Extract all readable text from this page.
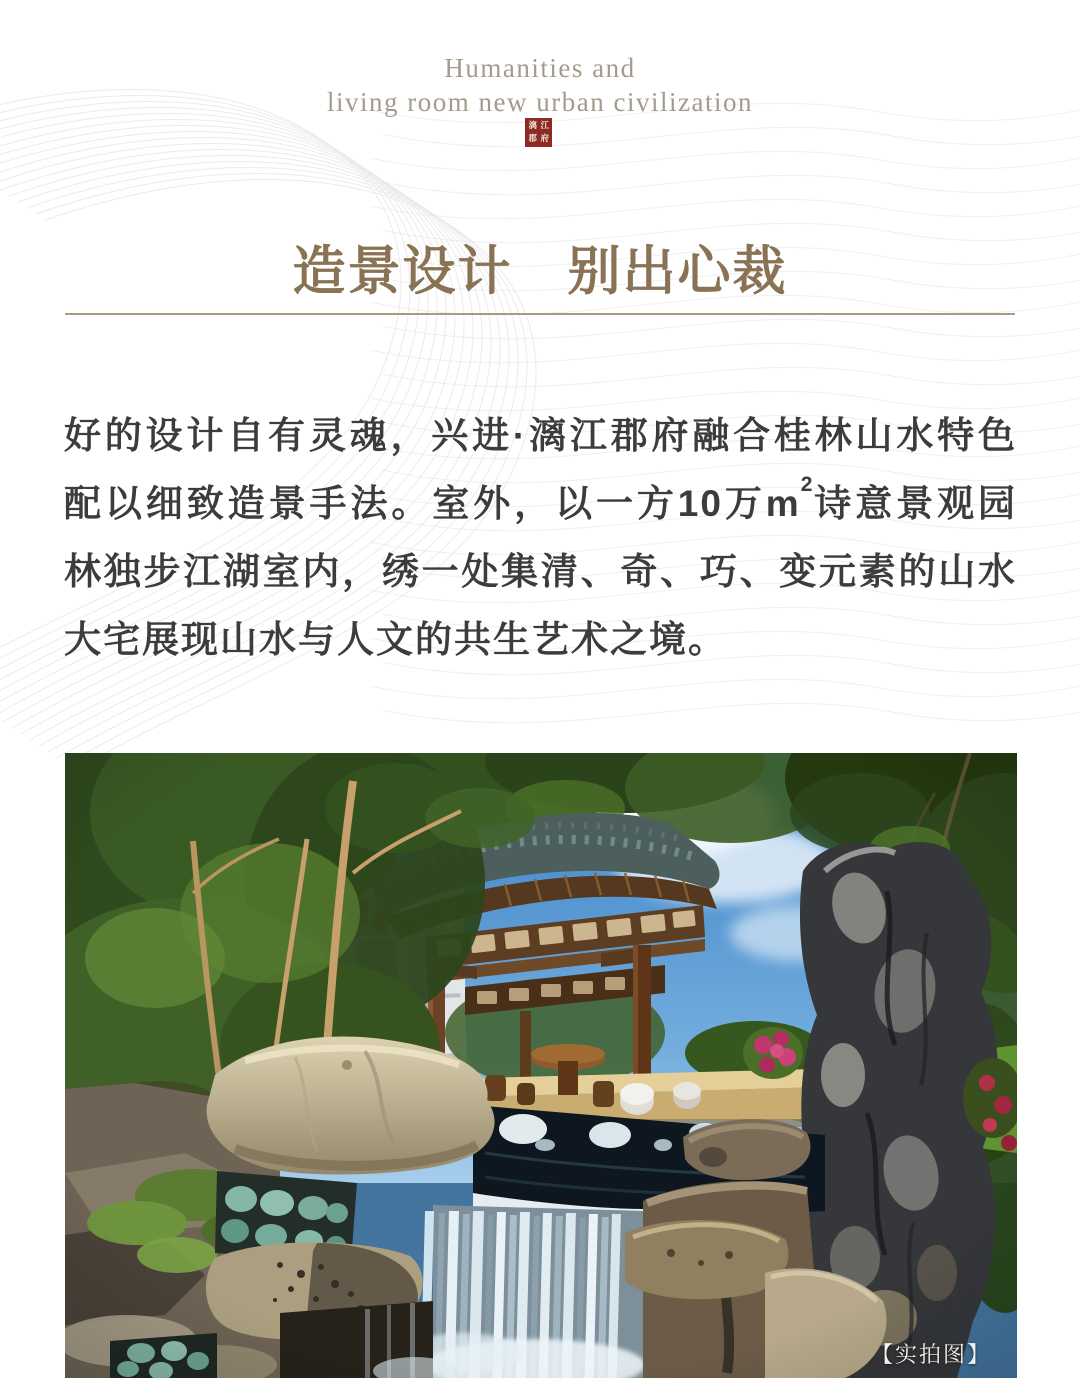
Humanities and
living room new urban civilization
漓 江
郡 府
造景设计　别出心裁
好的设计自有灵魂，兴进·漓江郡府融合桂林山水特色
配以细致造景手法。室外，以一方10万$m^2$诗意景观园
林独步江湖室内，绣一处集清、奇、巧、变元素的山水
大宅展现山水与人文的共生艺术之境。
【实拍图】
